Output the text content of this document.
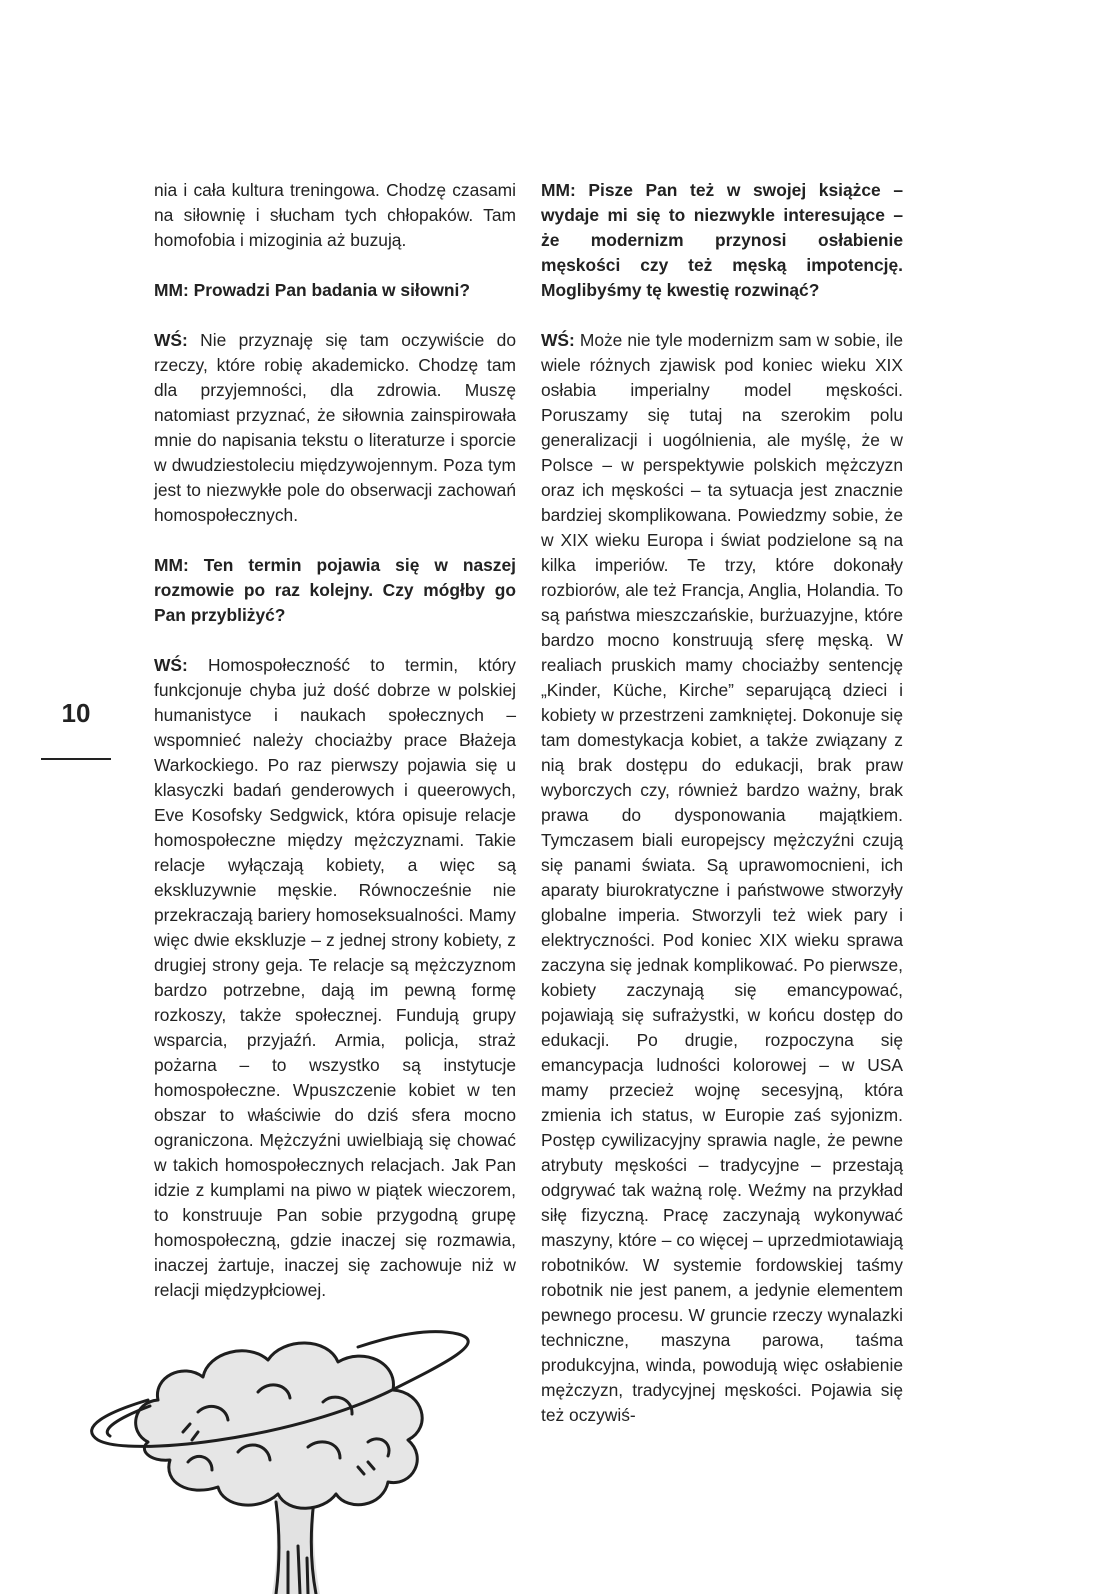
10

nia i cała kultura treningowa. Chodzę czasami na siłownię i słucham tych chłopaków. Tam homofobia i mizoginia aż buzują.

MM: Prowadzi Pan badania w siłowni?

WŚ: Nie przyznaję się tam oczywiście do rzeczy, które robię akademicko. Chodzę tam dla przyjemności, dla zdrowia. Muszę natomiast przyznać, że siłownia zainspirowała mnie do napisania tekstu o literaturze i sporcie w dwudziestoleciu międzywojennym. Poza tym jest to niezwykłe pole do obserwacji zachowań homospołecznych.

MM: Ten termin pojawia się w naszej rozmowie po raz kolejny. Czy mógłby go Pan przybliżyć?

WŚ: Homospołeczność to termin, który funkcjonuje chyba już dość dobrze w polskiej humanistyce i naukach społecznych – wspomnieć należy chociażby prace Błażeja Warkockiego. Po raz pierwszy pojawia się u klasyczki badań genderowych i queerowych, Eve Kosofsky Sedgwick, która opisuje relacje homospołeczne między mężczyznami. Takie relacje wyłączają kobiety, a więc są ekskluzywnie męskie. Równocześnie nie przekraczają bariery homoseksualności. Mamy więc dwie ekskluzje – z jednej strony kobiety, z drugiej strony geja. Te relacje są mężczyznom bardzo potrzebne, dają im pewną formę rozkoszy, także społecznej. Fundują grupy wsparcia, przyjaźń. Armia, policja, straż pożarna – to wszystko są instytucje homospołeczne. Wpuszczenie kobiet w ten obszar to właściwie do dziś sfera mocno ograniczona. Mężczyźni uwielbiają się chować w takich homospołecznych relacjach. Jak Pan idzie z kumplami na piwo w piątek wieczorem, to konstruuje Pan sobie przygodną grupę homospołeczną, gdzie inaczej się rozmawia, inaczej żartuje, inaczej się zachowuje niż w relacji międzypłciowej.

MM: Pisze Pan też w swojej książce – wydaje mi się to niezwykle interesujące – że modernizm przynosi osłabienie męskości czy też męską impotencję. Moglibyśmy tę kwestię rozwinąć?

WŚ: Może nie tyle modernizm sam w sobie, ile wiele różnych zjawisk pod koniec wieku XIX osłabia imperialny model męskości. Poruszamy się tutaj na szerokim polu generalizacji i uogólnienia, ale myślę, że w Polsce – w perspektywie polskich mężczyzn oraz ich męskości – ta sytuacja jest znacznie bardziej skomplikowana. Powiedzmy sobie, że w XIX wieku Europa i świat podzielone są na kilka imperiów. Te trzy, które dokonały rozbiorów, ale też Francja, Anglia, Holandia. To są państwa mieszczańskie, burżuazyjne, które bardzo mocno konstruują sferę męską. W realiach pruskich mamy chociażby sentencję „Kinder, Küche, Kirche” separującą dzieci i kobiety w przestrzeni zamkniętej. Dokonuje się tam domestykacja kobiet, a także związany z nią brak dostępu do edukacji, brak praw wyborczych czy, również bardzo ważny, brak prawa do dysponowania majątkiem. Tymczasem biali europejscy mężczyźni czują się panami świata. Są uprawomocnieni, ich aparaty biurokratyczne i państwowe stworzyły globalne imperia. Stworzyli też wiek pary i elektryczności. Pod koniec XIX wieku sprawa zaczyna się jednak komplikować. Po pierwsze, kobiety zaczynają się emancypować, pojawiają się sufrażystki, w końcu dostęp do edukacji. Po drugie, rozpoczyna się emancypacja ludności kolorowej – w USA mamy przecież wojnę secesyjną, która zmienia ich status, w Europie zaś syjonizm. Postęp cywilizacyjny sprawia nagle, że pewne atrybuty męskości – tradycyjne – przestają odgrywać tak ważną rolę. Weźmy na przykład siłę fizyczną. Pracę zaczynają wykonywać maszyny, które – co więcej – uprzedmiotawiają robotników. W systemie fordowskiej taśmy robotnik nie jest panem, a jedynie elementem pewnego procesu. W gruncie rzeczy wynalazki techniczne, maszyna parowa, taśma produkcyjna, winda, powodują więc osłabienie mężczyzn, tradycyjnej męskości. Pojawia się też oczywiś-
